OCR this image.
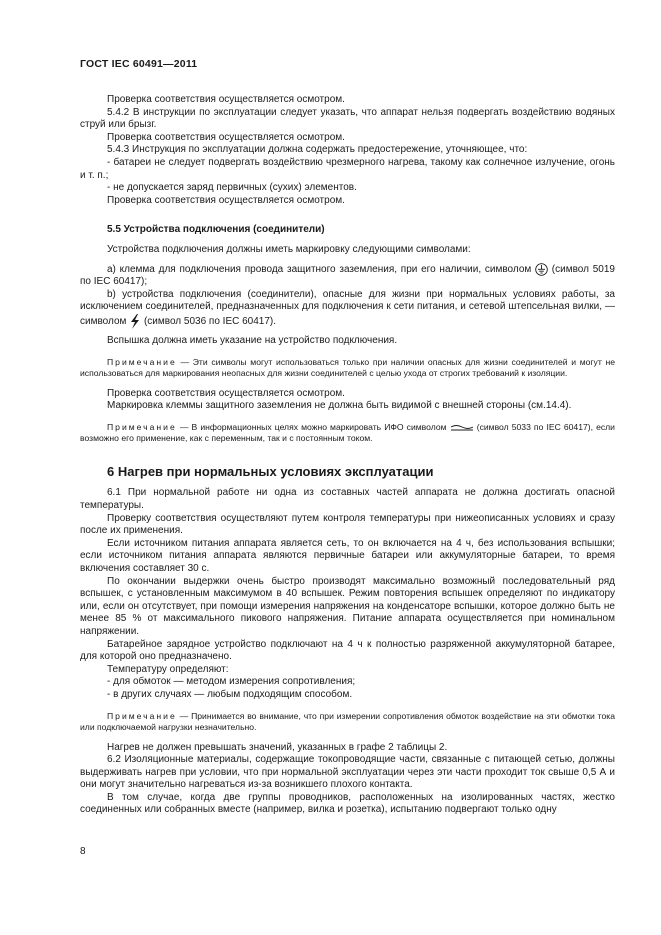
ГОСТ IEC 60491—2011

Проверка соответствия осуществляется осмотром.

5.4.2 В инструкции по эксплуатации следует указать, что аппарат нельзя подвергать воздействию водяных струй или брызг.

Проверка соответствия осуществляется осмотром.

5.4.3 Инструкция по эксплуатации должна содержать предостережение, уточняющее, что:

- батареи не следует подвергать воздействию чрезмерного нагрева, такому как солнечное излучение, огонь и т. п.;

- не допускается заряд первичных (сухих) элементов.

Проверка соответствия осуществляется осмотром.

5.5 Устройства подключения (соединители)

Устройства подключения должны иметь маркировку следующими символами:

a) клемма для подключения провода защитного заземления, при его наличии, символом  (символ 5019 по IEC 60417);

b) устройства подключения (соединители), опасные для жизни при нормальных условиях работы, за исключением соединителей, предназначенных для подключения к сети питания, и сетевой штепсельная вилки, — символом  (символ 5036 по IEC 60417).

Вспышка должна иметь указание на устройство подключения.

Примечание — Эти символы могут использоваться только при наличии опасных для жизни соединителей и могут не использоваться для маркирования неопасных для жизни соединителей с целью ухода от строгих требований к изоляции.

Проверка соответствия осуществляется осмотром.

Маркировка клеммы защитного заземления не должна быть видимой с внешней стороны (см.14.4).

Примечание — В информационных целях можно маркировать ИФО символом	(символ 5033 по IEC 60417), если возможно его применение, как с переменным, так и с постоянным током.

6 Нагрев при нормальных условиях эксплуатации

6.1 При нормальной работе ни одна из составных частей аппарата не должна достигать опасной температуры.

Проверку соответствия осуществляют путем контроля температуры при нижеописанных условиях и сразу после их применения.

Если источником питания аппарата является сеть, то он включается на 4 ч, без использования вспышки; если источником питания аппарата являются первичные батареи или аккумуляторные батареи, то время включения составляет 30 с.

По окончании выдержки очень быстро производят максимально возможный последовательный ряд вспышек, с установленным максимумом в 40 вспышек. Режим повторения вспышек определяют по индикатору или, если он отсутствует, при помощи измерения напряжения на конденсаторе вспышки, которое должно быть не менее 85 % от максимального пикового напряжения. Питание аппарата осуществляется при номинальном напряжении.

Батарейное зарядное устройство подключают на 4 ч к полностью разряженной аккумуляторной батарее, для которой оно предназначено.

Температуру определяют:

- для обмоток — методом измерения сопротивления;

- в других случаях — любым подходящим способом.

Примечание — Принимается во внимание, что при измерении сопротивления обмоток воздействие на эти обмотки тока или подключаемой нагрузки незначительно.

Нагрев не должен превышать значений, указанных в графе 2 таблицы 2.

6.2 Изоляционные материалы, содержащие токопроводящие части, связанные с питающей сетью, должны выдерживать нагрев при условии, что при нормальной эксплуатации через эти части проходит ток свыше 0,5 А и они могут значительно нагреваться из-за возникшего плохого контакта.

В том случае, когда две группы проводников, расположенных на изолированных частях, жестко соединенных или собранных вместе (например, вилка и розетка), испытанию подвергают только одну

8
